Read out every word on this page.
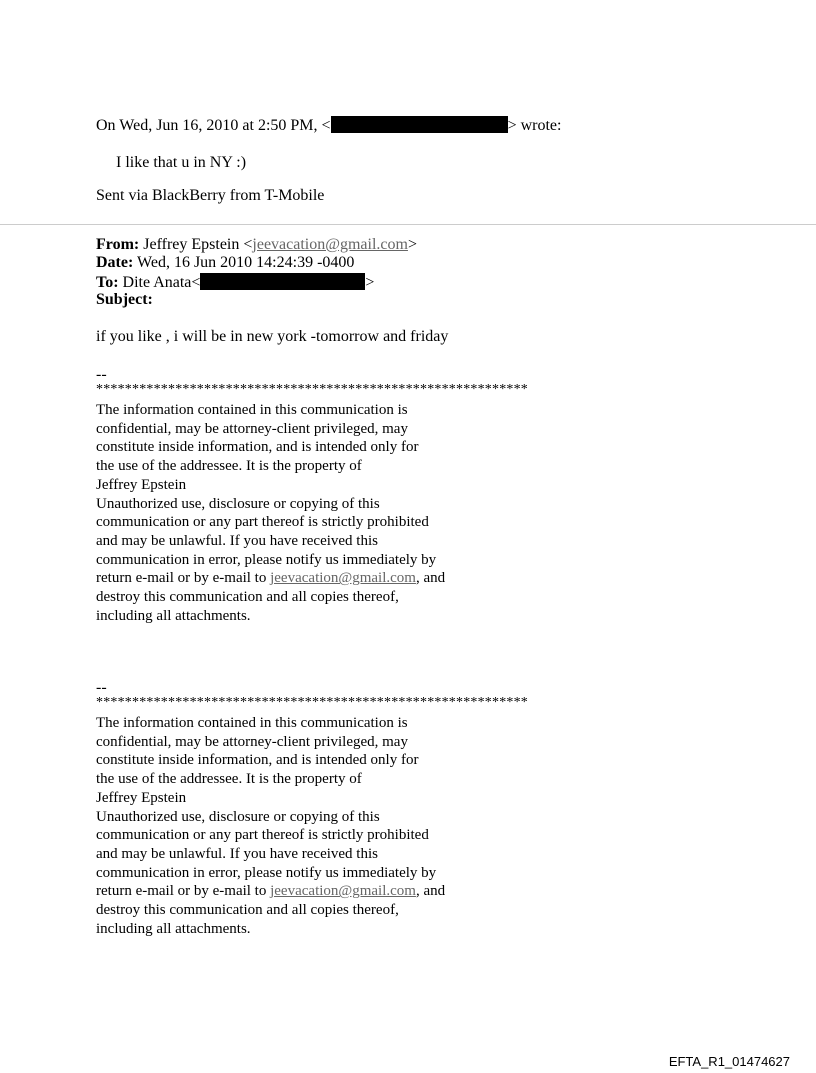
On Wed, Jun 16, 2010 at 2:50 PM, <	> wrote:
I like that u in NY :)
Sent via BlackBerry from T-Mobile
From: Jeffrey Epstein <jeevacation@gmail.com>
Date: Wed, 16 Jun 2010 14:24:39 -0400
To: Dite Anata<	>
Subject:
if you like , i will be in new york -tomorrow and friday
--
************************************************************
The information contained in this communication is
confidential, may be attorney-client privileged, may
constitute inside information, and is intended only for
the use of the addressee. It is the property of
Jeffrey Epstein
Unauthorized use, disclosure or copying of this
communication or any part thereof is strictly prohibited
and may be unlawful. If you have received this
communication in error, please notify us immediately by
return e-mail or by e-mail to jeevacation@gmail.com, and
destroy this communication and all copies thereof,
including all attachments.
--
************************************************************
The information contained in this communication is
confidential, may be attorney-client privileged, may
constitute inside information, and is intended only for
the use of the addressee. It is the property of
Jeffrey Epstein
Unauthorized use, disclosure or copying of this
communication or any part thereof is strictly prohibited
and may be unlawful. If you have received this
communication in error, please notify us immediately by
return e-mail or by e-mail to jeevacation@gmail.com, and
destroy this communication and all copies thereof,
including all attachments.
EFTA_R1_01474627
